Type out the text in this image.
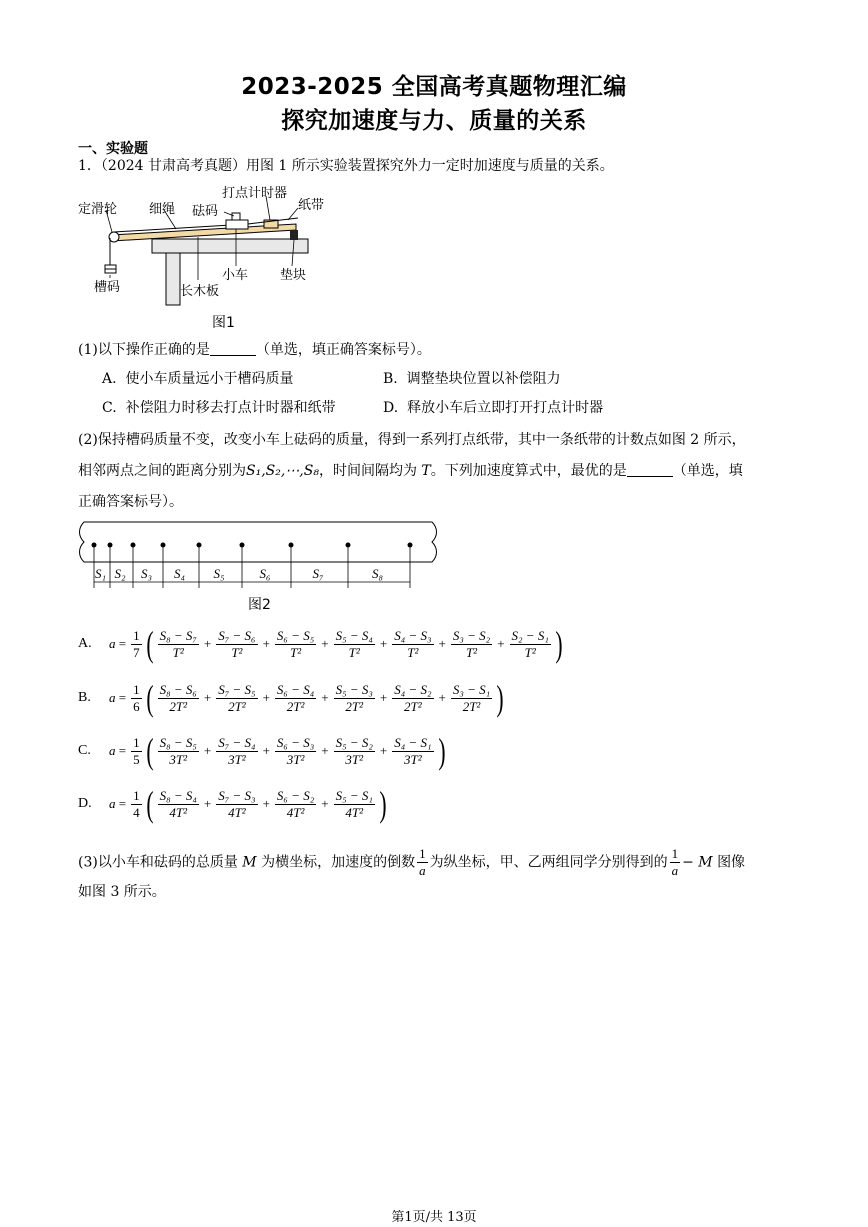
2023-2025 全国高考真题物理汇编
探究加速度与力、质量的关系
一、实验题
1．（2024 甘肃高考真题）用图 1 所示实验装置探究外力一定时加速度与质量的关系。
定滑轮 细绳 砝码
打点计时器
纸带
槽码	长木板
小车 垫块
图1
(1)以下操作正确的是	（单选，填正确答案标号）。
A. 使小车质量远小于槽码质量	B. 调整垫块位置以补偿阻力
C. 补偿阻力时移去打点计时器和纸带	D. 释放小车后立即打开打点计时器
(2)保持槽码质量不变，改变小车上砝码的质量，得到一系列打点纸带，其中一条纸带的计数点如图 2 所示，
相邻两点之间的距离分别为S₁,S₂,⋯,S₈，时间间隔均为 T。下列加速度算式中，最优的是	（单选，填
正确答案标号）。
图2
S₁ S₂ S₃ S₄ S₅	S₆	S₇	S₈
A. $a = \frac{1}{7}$ ( $\frac{\text{S₈ − S₇}}{\text{T²}} + \frac{\text{S₇ − S₆}}{\text{T²}} + \frac{\text{S₆ − S₅}}{\text{T²}} + \frac{\text{S₅ − S₄}}{\text{T²}} + \frac{\text{S₄ − S₃}}{\text{T²}} + \frac{\text{S₃ − S₂}}{\text{T²}} + \frac{\text{S₂ − S₁}}{\text{T²}}$ )
B. $a = \frac{1}{6}$ ( $\frac{\text{S₈ − S₆}}{\text{2T²}} + \frac{\text{S₇ − S₅}}{\text{2T²}} + \frac{\text{S₆ − S₄}}{\text{2T²}} + \frac{\text{S₅ − S₃}}{\text{2T²}} + \frac{\text{S₄ − S₂}}{\text{2T²}} + \frac{\text{S₃ − S₁}}{\text{2T²}}$ )
C. $a = \frac{1}{5}$ ( $\frac{\text{S₈ − S₅}}{\text{3T²}} + \frac{\text{S₇ − S₄}}{\text{3T²}} + \frac{\text{S₆ − S₃}}{\text{3T²}} + \frac{\text{S₅ − S₂}}{\text{3T²}} + \frac{\text{S₄ − S₁}}{\text{3T²}}$ )
D. $a = \frac{1}{4}$ ( $\frac{\text{S₈ − S₄}}{\text{4T²}} + \frac{\text{S₇ − S₃}}{\text{4T²}} + \frac{\text{S₆ − S₂}}{\text{4T²}} + \frac{\text{S₅ − S₁}}{\text{4T²}}$ )
(3)以小车和砝码的总质量 M 为横坐标，加速度的倒数 $\frac{1}{a}$ 为纵坐标，甲、乙两组同学分别得到的 $\frac{1}{a} - M$ 图像
如图 3 所示。
第1页/共 13页
